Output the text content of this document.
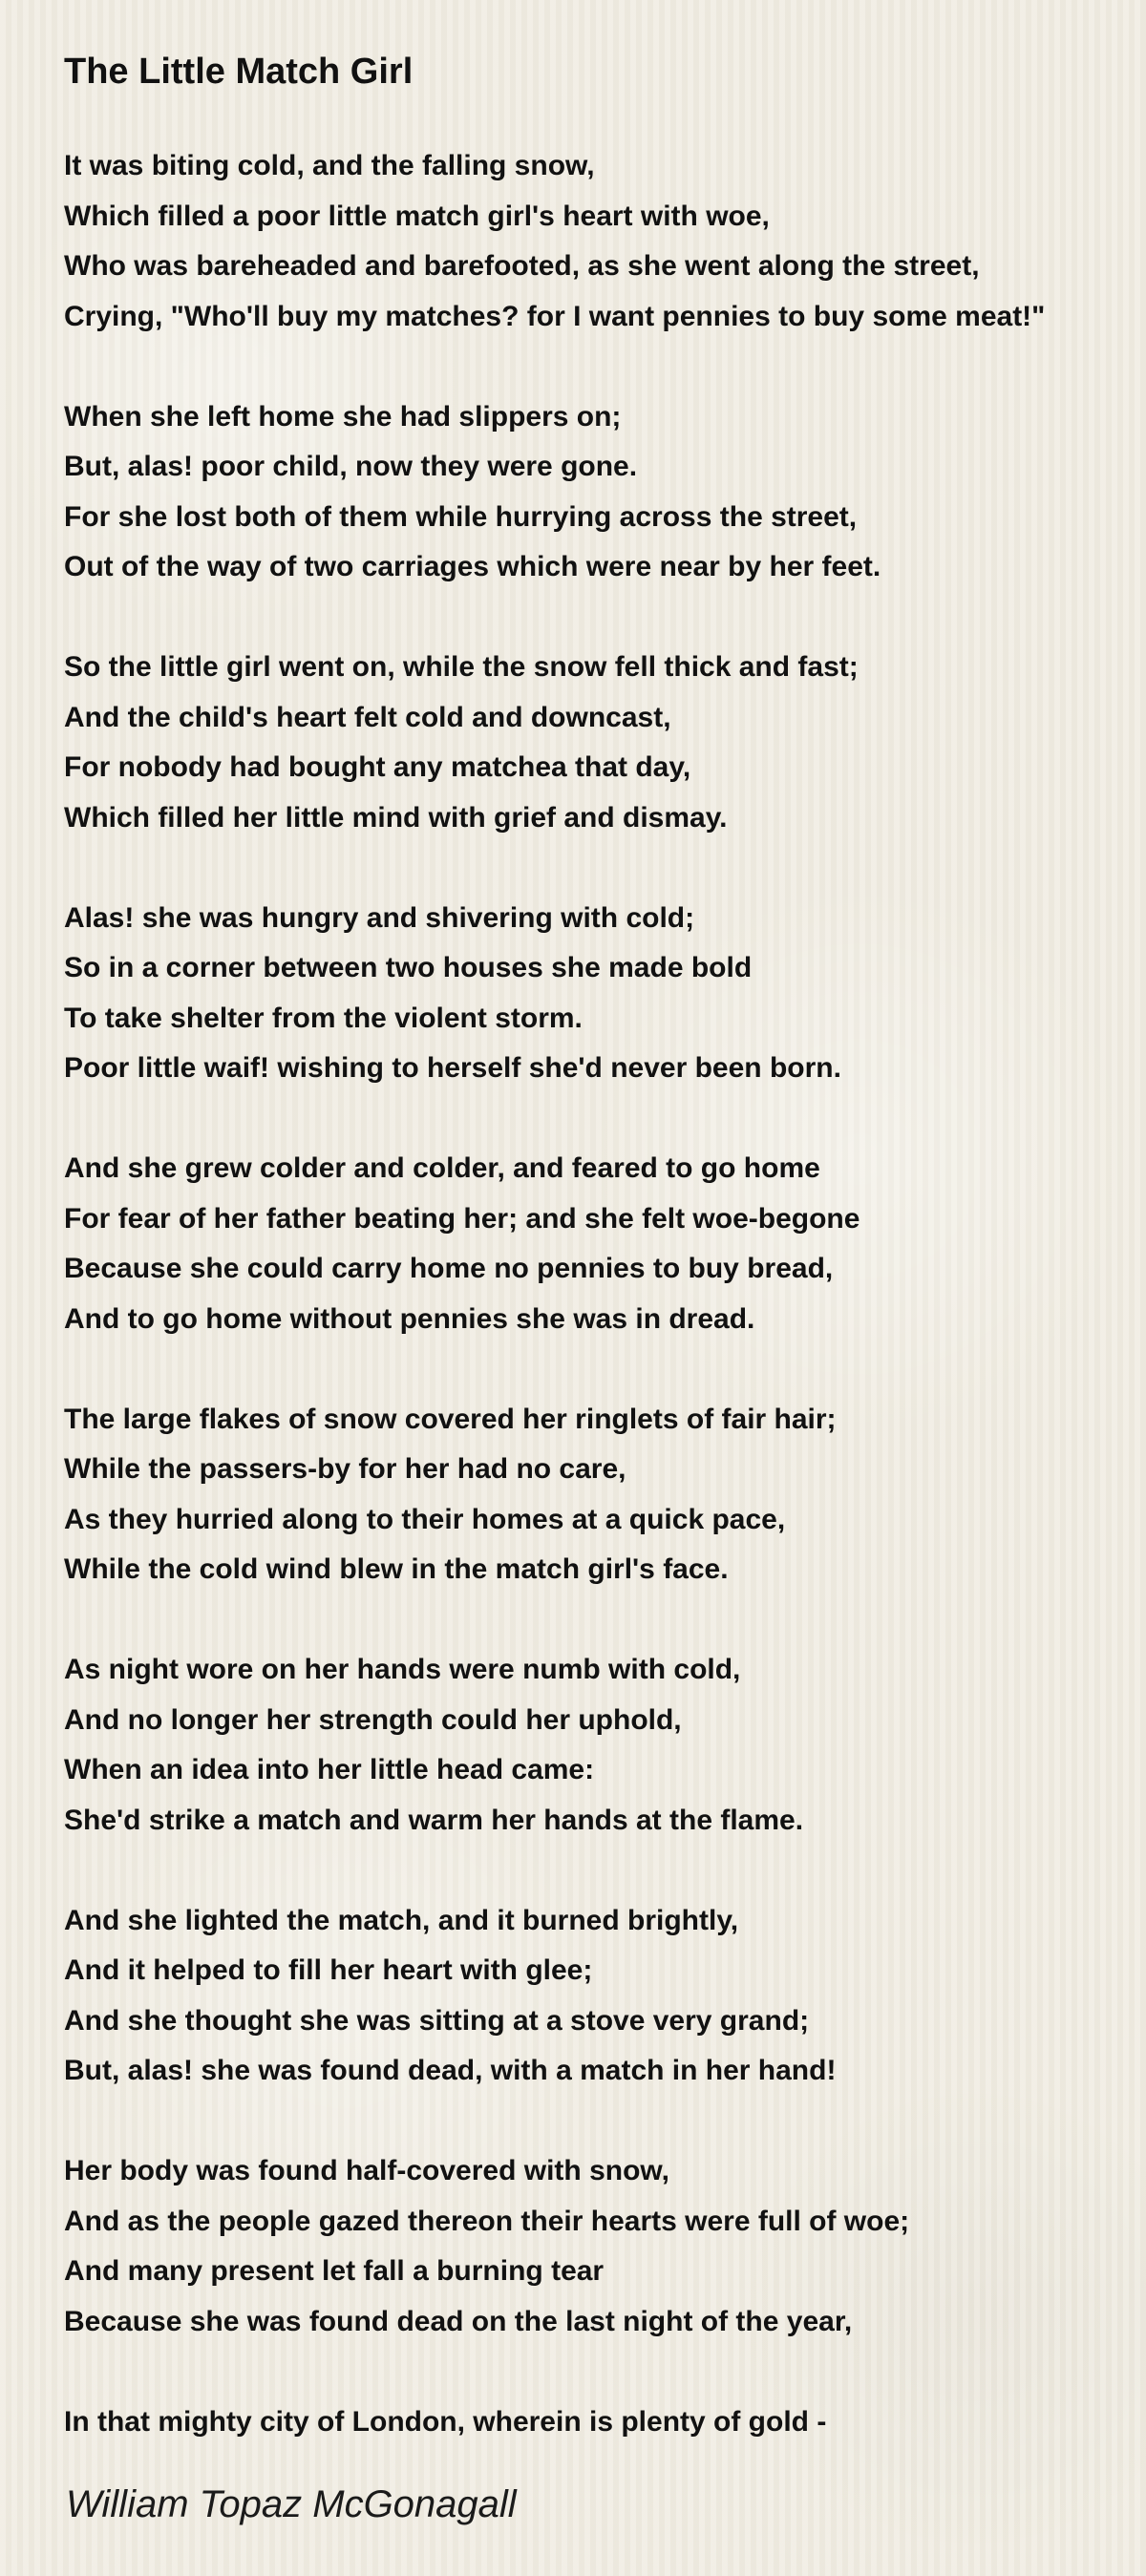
The Little Match Girl
It was biting cold, and the falling snow,
Which filled a poor little match girl's heart with woe,
Who was bareheaded and barefooted, as she went along the street,
Crying, "Who'll buy my matches? for I want pennies to buy some meat!"
When she left home she had slippers on;
But, alas! poor child, now they were gone.
For she lost both of them while hurrying across the street,
Out of the way of two carriages which were near by her feet.
So the little girl went on, while the snow fell thick and fast;
And the child's heart felt cold and downcast,
For nobody had bought any matchea that day,
Which filled her little mind with grief and dismay.
Alas! she was hungry and shivering with cold;
So in a corner between two houses she made bold
To take shelter from the violent storm.
Poor little waif! wishing to herself she'd never been born.
And she grew colder and colder, and feared to go home
For fear of her father beating her; and she felt woe-begone
Because she could carry home no pennies to buy bread,
And to go home without pennies she was in dread.
The large flakes of snow covered her ringlets of fair hair;
While the passers-by for her had no care,
As they hurried along to their homes at a quick pace,
While the cold wind blew in the match girl's face.
As night wore on her hands were numb with cold,
And no longer her strength could her uphold,
When an idea into her little head came:
She'd strike a match and warm her hands at the flame.
And she lighted the match, and it burned brightly,
And it helped to fill her heart with glee;
And she thought she was sitting at a stove very grand;
But, alas! she was found dead, with a match in her hand!
Her body was found half-covered with snow,
And as the people gazed thereon their hearts were full of woe;
And many present let fall a burning tear
Because she was found dead on the last night of the year,
In that mighty city of London, wherein is plenty of gold -
William Topaz McGonagall
